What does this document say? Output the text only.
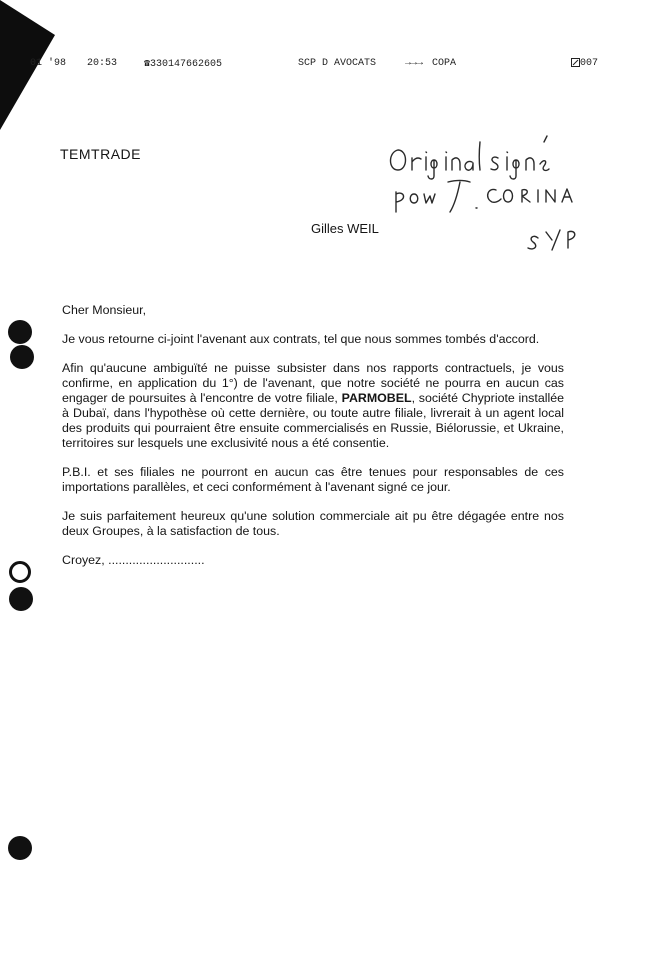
01 '98 20:53	☎330147662605	SCP D AVOCATS	→→→ COPA	007
TEMTRADE
Gilles WEIL

Cher Monsieur,

Je vous retourne ci-joint l'avenant aux contrats, tel que nous sommes tombés d'accord.

Afin qu'aucune ambiguïté ne puisse subsister dans nos rapports contractuels, je vous confirme, en application du 1°) de l'avenant, que notre société ne pourra en aucun cas engager de poursuites à l'encontre de votre filiale, PARMOBEL, société Chypriote installée à Dubaï, dans l'hypothèse où cette dernière, ou toute autre filiale, livrerait à un agent local des produits qui pourraient être ensuite commercialisés en Russie, Biélorussie, et Ukraine, territoires sur lesquels une exclusivité nous a été consentie.

P.B.I. et ses filiales ne pourront en aucun cas être tenues pour responsables de ces importations parallèles, et ceci conformément à l'avenant signé ce jour.

Je suis parfaitement heureux qu'une solution commerciale ait pu être dégagée entre nos deux Groupes, à la satisfaction de tous.

Croyez, ............................
